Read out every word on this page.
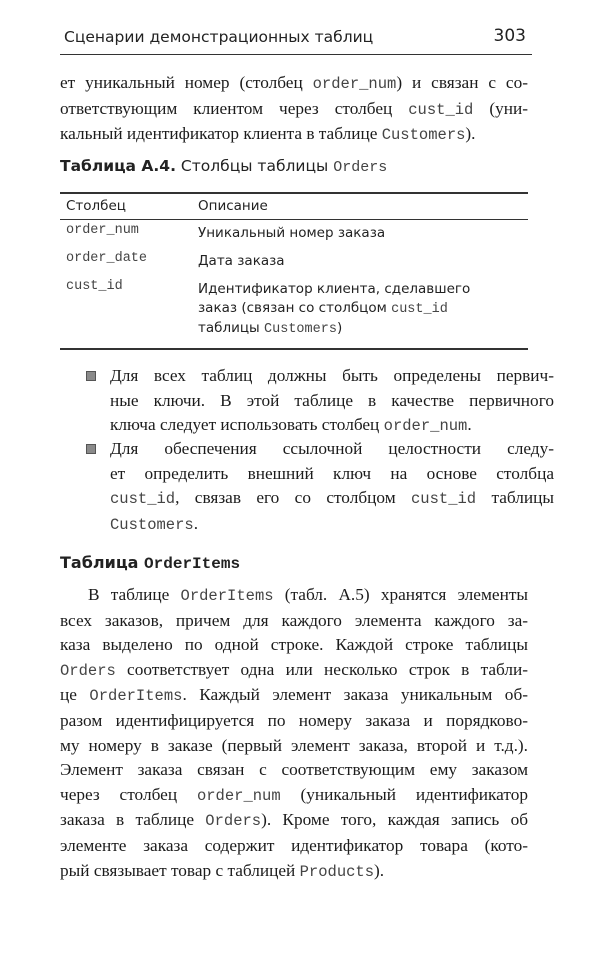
Сценарии демонстрационных таблиц	303
ет уникальный номер (столбец order_num) и связан с со-
ответствующим клиентом через столбец cust_id (уни-
кальный идентификатор клиента в таблице Customers).
Таблица А.4. Столбцы таблицы Orders
Столбец	Описание
order_num	Уникальный номер заказа
order_date	Дата заказа
cust_id	Идентификатор клиента, сделавшего
заказ (связан со столбцом cust_id
таблицы Customers)
Для всех таблиц должны быть определены первич-
ные ключи. В этой таблице в качестве первичного
ключа следует использовать столбец order_num.
Для обеспечения ссылочной целостности следу-
ет определить внешний ключ на основе столбца
cust_id, связав его со столбцом cust_id таблицы
Customers.
Таблица OrderItems
В таблице OrderItems (табл. А.5) хранятся элементы
всех заказов, причем для каждого элемента каждого за-
каза выделено по одной строке. Каждой строке таблицы
Orders соответствует одна или несколько строк в табли-
це OrderItems. Каждый элемент заказа уникальным об-
разом идентифицируется по номеру заказа и порядково-
му номеру в заказе (первый элемент заказа, второй и т.д.).
Элемент заказа связан с соответствующим ему заказом
через столбец order_num (уникальный идентификатор
заказа в таблице Orders). Кроме того, каждая запись об
элементе заказа содержит идентификатор товара (кото-
рый связывает товар с таблицей Products).
